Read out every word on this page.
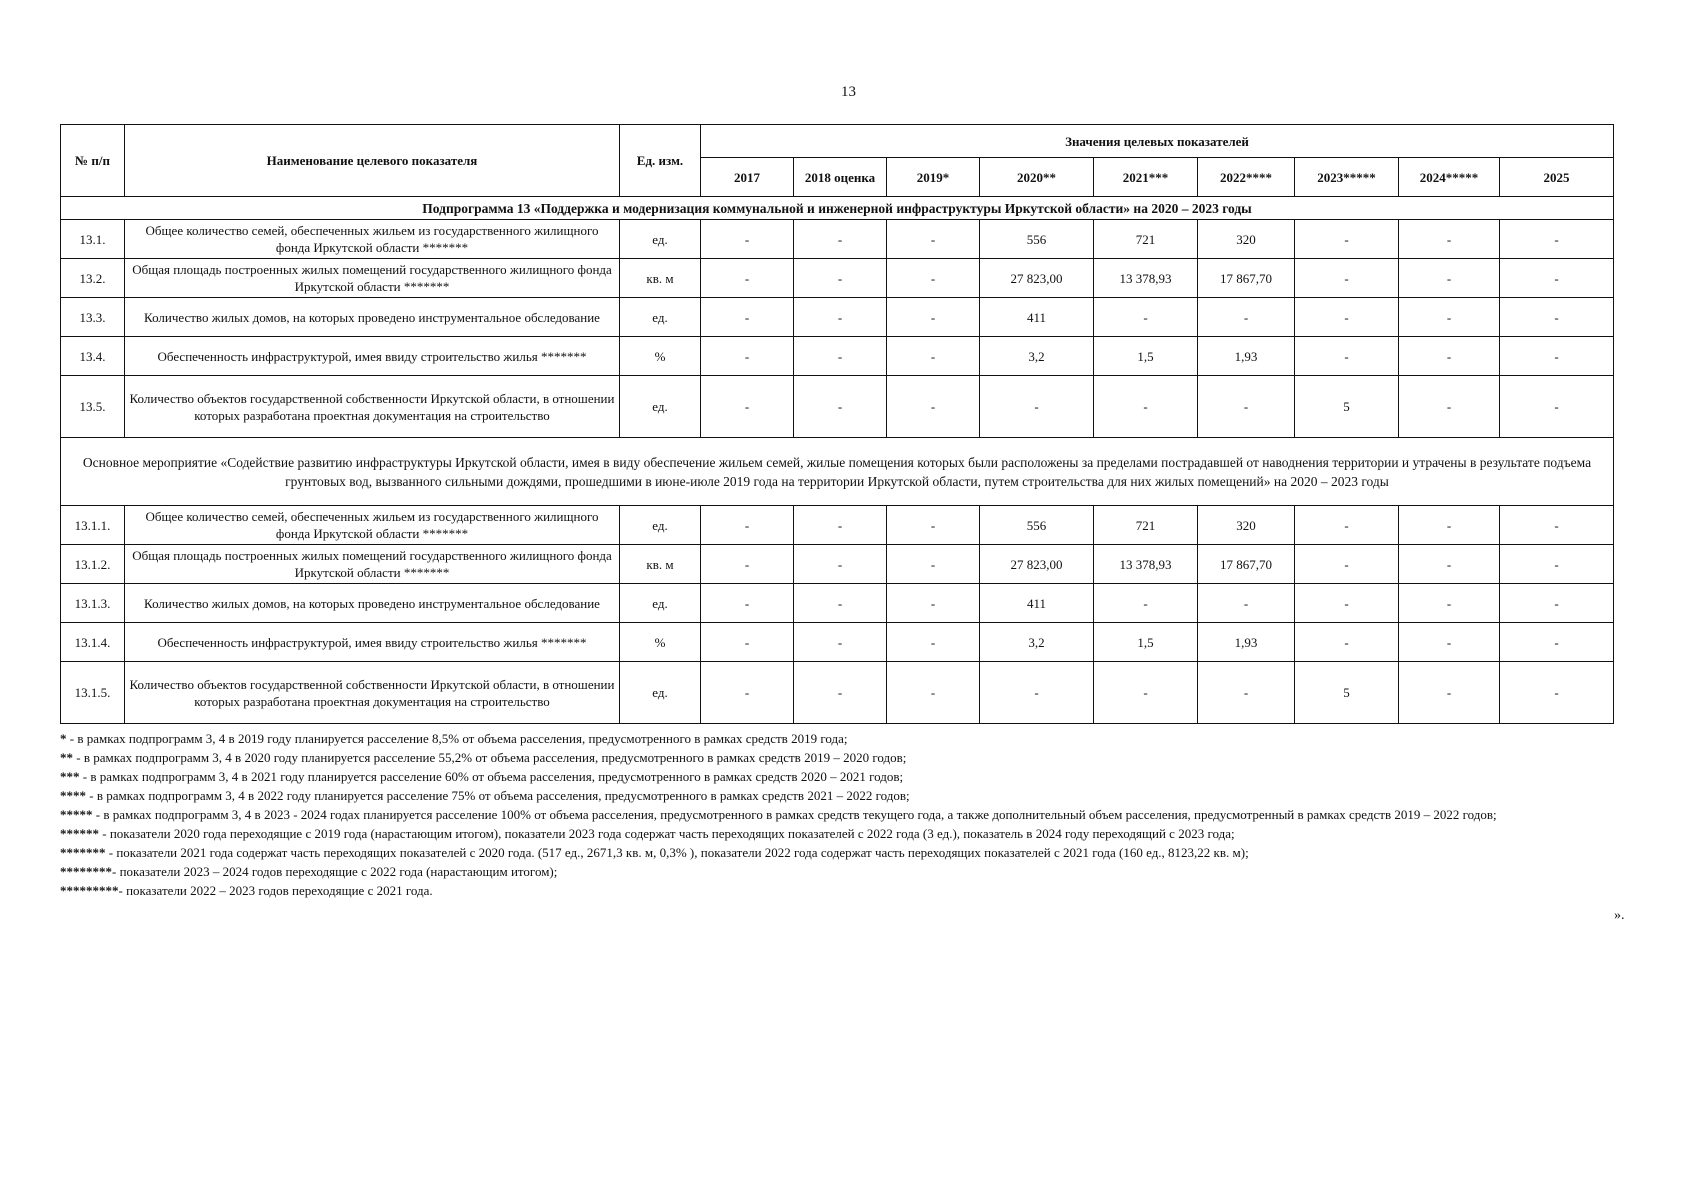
13
№ п/п	Наименование целевого показателя	Ед. изм.	Значения целевых показателей								
			2017	2018 оценка	2019*	2020**	2021***	2022****	2023*****	2024*****	2025
Подпрограмма 13 «Поддержка и модернизация коммунальной и инженерной инфраструктуры Иркутской области» на 2020 – 2023 годы											
13.1.	Общее количество семей, обеспеченных жильем из государственного жилищного фонда Иркутской области *******	ед.	-	-	-	556	721	320	-	-	-
13.2.	Общая площадь построенных жилых помещений государственного жилищного фонда Иркутской области *******	кв. м	-	-	-	27 823,00	13 378,93	17 867,70	-	-	-
13.3.	Количество жилых домов, на которых проведено инструментальное обследование	ед.	-	-	-	411	-	-	-	-	-
13.4.	Обеспеченность инфраструктурой, имея ввиду строительство жилья *******	%	-	-	-	3,2	1,5	1,93	-	-	-
13.5.	Количество объектов государственной собственности Иркутской области, в отношении которых разработана проектная документация на строительство	ед.	-	-	-	-	-	-	5	-	-
Основное мероприятие «Содействие развитию инфраструктуры Иркутской области, имея в виду обеспечение жильем семей, жилые помещения которых были расположены за пределами пострадавшей от наводнения территории и утрачены в результате подъема грунтовых вод, вызванного сильными дождями, прошедшими в июне-июле 2019 года на территории Иркутской области, путем строительства для них жилых помещений» на 2020 – 2023 годы											
13.1.1.	Общее количество семей, обеспеченных жильем из государственного жилищного фонда Иркутской области *******	ед.	-	-	-	556	721	320	-	-	-
13.1.2.	Общая площадь построенных жилых помещений государственного жилищного фонда Иркутской области *******	кв. м	-	-	-	27 823,00	13 378,93	17 867,70	-	-	-
13.1.3.	Количество жилых домов, на которых проведено инструментальное обследование	ед.	-	-	-	411	-	-	-	-	-
13.1.4.	Обеспеченность инфраструктурой, имея ввиду строительство жилья *******	%	-	-	-	3,2	1,5	1,93	-	-	-
13.1.5.	Количество объектов государственной собственности Иркутской области, в отношении которых разработана проектная документация на строительство	ед.	-	-	-	-	-	-	5	-	-

* - в рамках подпрограмм 3, 4 в 2019 году планируется расселение 8,5% от объема расселения, предусмотренного в рамках средств 2019 года;

** - в рамках подпрограмм 3, 4 в 2020 году планируется расселение 55,2% от объема расселения, предусмотренного в рамках средств 2019 – 2020 годов;

*** - в рамках подпрограмм 3, 4 в 2021 году планируется расселение 60% от объема расселения, предусмотренного в рамках средств 2020 – 2021 годов;

**** - в рамках подпрограмм 3, 4 в 2022 году планируется расселение 75% от объема расселения, предусмотренного в рамках средств 2021 – 2022 годов;

***** - в рамках подпрограмм 3, 4 в 2023 - 2024 годах планируется расселение 100% от объема расселения, предусмотренного в рамках средств текущего года, а также дополнительный объем расселения, предусмотренный в рамках средств 2019 – 2022 годов;

****** - показатели 2020 года переходящие с 2019 года (нарастающим итогом), показатели 2023 года содержат часть переходящих показателей с 2022 года (3 ед.), показатель в 2024 году переходящий с 2023 года;

******* - показатели 2021 года содержат часть переходящих показателей с 2020 года. (517 ед., 2671,3 кв. м, 0,3% ), показатели 2022 года содержат часть переходящих показателей с 2021 года (160 ед., 8123,22 кв. м);

********- показатели 2023 – 2024 годов переходящие с 2022 года (нарастающим итогом);

*********- показатели 2022 – 2023 годов переходящие с 2021 года.

».
